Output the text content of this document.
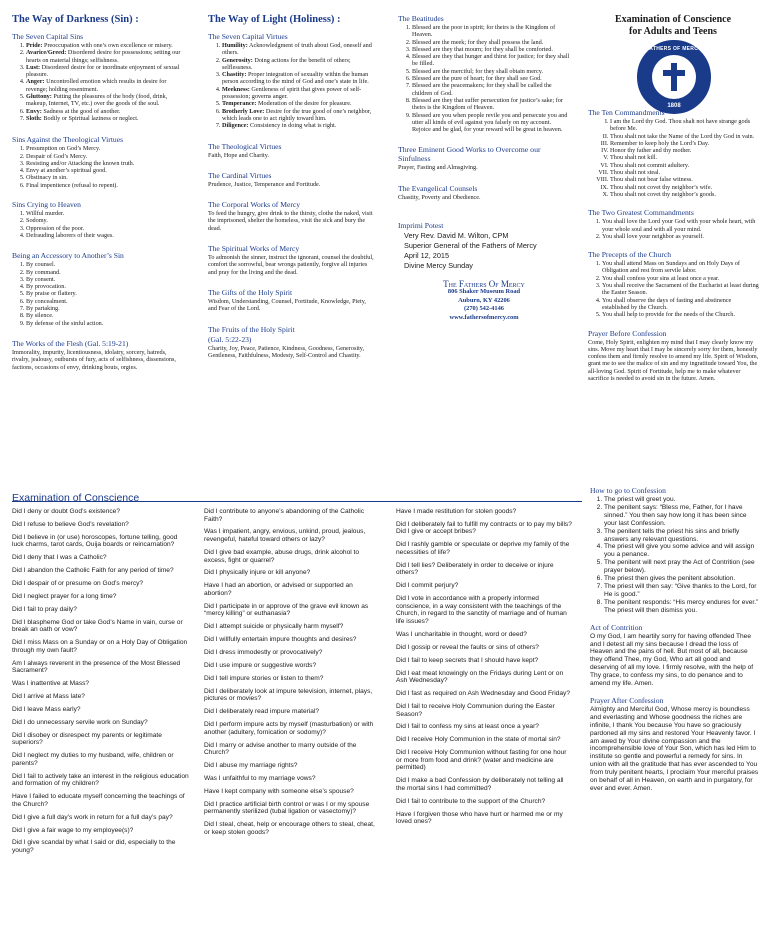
The Way of Darkness (Sin) :
The Seven Capital Sins
1. Pride: Preoccupation with one’s own excellence or misery.
2. Avarice/Greed: Disordered desire for possessions; setting our hearts on material things; selfishness.
3. Lust: Disordered desire for or inordinate enjoyment of sexual pleasure.
4. Anger: Uncontrolled emotion which results in desire for revenge; holding resentment.
5. Gluttony: Putting the pleasures of the body (food, drink, makeup, Internet, TV, etc.) over the goods of the soul.
6. Envy: Sadness at the good of another.
7. Sloth: Bodily or Spiritual laziness or neglect.
Sins Against the Theological Virtues
1. Presumption on God’s Mercy.
2. Despair of God’s Mercy.
3. Resisting and/or Attacking the known truth.
4. Envy at another’s spiritual good.
5. Obstinacy in sin.
6. Final impenitence (refusal to repent).
Sins Crying to Heaven
1. Willful murder.
2. Sodomy.
3. Oppression of the poor.
4. Defrauding laborers of their wages.
Being an Accessory to Another’s Sin
1. By counsel.
2. By command.
3. By consent.
4. By provocation.
5. By praise or flattery.
6. By concealment.
7. By partaking.
8. By silence.
9. By defense of the sinful action.
The Works of the Flesh (Gal. 5:19-21)

Immorality, impurity, licentiousness, idolatry, sorcery, hatreds, rivalry, jealousy, outbursts of fury, acts of selfishness, dissensions, factions, occasions of envy, drinking bouts, orgies.

The Way of Light (Holiness) :
The Seven Capital Virtues
1. Humility: Acknowledgment of truth about God, oneself and others.
2. Generosity: Doing actions for the benefit of others; selflessness.
3. Chastity: Proper integration of sexuality within the human person according to the mind of God and one’s state in life.
4. Meekness: Gentleness of spirit that gives power of self-possession; governs anger.
5. Temperance: Moderation of the desire for pleasure.
6. Brotherly Love: Desire for the true good of one’s neighbor, which leads one to act rightly toward him.
7. Diligence: Consistency in doing what is right.
The Theological Virtues

Faith, Hope and Charity.

The Cardinal Virtues

Prudence, Justice, Temperance and Fortitude.

The Corporal Works of Mercy

To feed the hungry, give drink to the thirsty, clothe the naked, visit the imprisoned, shelter the homeless, visit the sick and bury the dead.

The Spiritual Works of Mercy

To admonish the sinner, instruct the ignorant, counsel the doubtful, comfort the sorrowful, bear wrongs patiently, forgive all injuries and pray for the living and the dead.

The Gifts of the Holy Spirit

Wisdom, Understanding, Counsel, Fortitude, Knowledge, Piety, and Fear of the Lord.

The Fruits of the Holy Spirit
(Gal. 5:22-23)

Charity, Joy, Peace, Patience, Kindness, Goodness, Generosity, Gentleness, Faithfulness, Modesty, Self-Control and Chastity.

The Beatitudes
1. Blessed are the poor in spirit; for theirs is the Kingdom of Heaven.
2. Blessed are the meek; for they shall possess the land.
3. Blessed are they that mourn; for they shall be comforted.
4. Blessed are they that hunger and thirst for justice; for they shall be filled.
5. Blessed are the merciful; for they shall obtain mercy.
6. Blessed are the pure of heart; for they shall see God.
7. Blessed are the peacemakers; for they shall be called the children of God.
8. Blessed are they that suffer persecution for justice’s sake; for theirs is the Kingdom of Heaven.
9. Blessed are you when people revile you and persecute you and utter all kinds of evil against you falsely on my account. Rejoice and be glad, for your reward will be great in heaven.
Three Eminent Good Works to Overcome our Sinfulness

Prayer, Fasting and Almsgiving.

The Evangelical Counsels

Chastity, Poverty and Obedience.

Imprimi Potest
Very Rev. David M. Wilton, CPM
Superior General of the Fathers of Mercy
April 12, 2015
Divine Mercy Sunday
The Fathers Of Mercy
806 Shaker Museum Road
Auburn, KY 42206
(270) 542-4146
www.fathersofmercy.com
Examination of Conscience
for Adults and Teens
FATHERS OF MERCY
1808
The Ten Commandments
I. I am the Lord thy God. Thou shalt not have strange gods before Me.
II. Thou shalt not take the Name of the Lord thy God in vain.
III. Remember to keep holy the Lord’s Day.
IV. Honor thy father and thy mother.
V. Thou shalt not kill.
VI. Thou shalt not commit adultery.
VII. Thou shalt not steal.
VIII. Thou shalt not bear false witness.
IX. Thou shalt not covet thy neighbor’s wife.
X. Thou shalt not covet thy neighbor’s goods.
The Two Greatest Commandments
1. You shall love the Lord your God with your whole heart, with your whole soul and with all your mind.
2. You shall love your neighbor as yourself.
The Precepts of the Church
1. You shall attend Mass on Sundays and on Holy Days of Obligation and rest from servile labor.
2. You shall confess your sins at least once a year.
3. You shall receive the Sacrament of the Eucharist at least during the Easter Season.
4. You shall observe the days of fasting and abstinence established by the Church.
5. You shall help to provide for the needs of the Church.
Prayer Before Confession

Come, Holy Spirit, enlighten my mind that I may clearly know my sins. Move my heart that I may be sincerely sorry for them, honestly confess them and firmly resolve to amend my life. Spirit of Wisdom, grant me to see the malice of sin and my ingratitude toward You, the all-loving God. Spirit of Fortitude, help me to make whatever sacrifice is needed to avoid sin in the future. Amen.

Examination of Conscience
Did I deny or doubt God’s existence?
Did I refuse to believe God’s revelation?
Did I believe in (or use) horoscopes, fortune telling, good luck charms, tarot cards, Ouija boards or reincarnation?
Did I deny that I was a Catholic?
Did I abandon the Catholic Faith for any period of time?
Did I despair of or presume on God’s mercy?
Did I neglect prayer for a long time?
Did I fail to pray daily?
Did I blaspheme God or take God’s Name in vain, curse or break an oath or vow?
Did I miss Mass on a Sunday or on a Holy Day of Obligation through my own fault?
Am I always reverent in the presence of the Most Blessed Sacrament?
Was I inattentive at Mass?
Did I arrive at Mass late?
Did I leave Mass early?
Did I do unnecessary servile work on Sunday?
Did I disobey or disrespect my parents or legitimate superiors?
Did I neglect my duties to my husband, wife, children or parents?
Did I fail to actively take an interest in the religious education and formation of my children?
Have I failed to educate myself concerning the teachings of the Church?
Did I give a full day’s work in return for a full day’s pay?
Did I give a fair wage to my employee(s)?
Did I give scandal by what I said or did, especially to the young?
Did I contribute to anyone’s abandoning of the Catholic Faith?
Was I impatient, angry, envious, unkind, proud, jealous, revengeful, hateful toward others or lazy?
Did I give bad example, abuse drugs, drink alcohol to excess, fight or quarrel?
Did I physically injure or kill anyone?
Have I had an abortion, or advised or supported an abortion?
Did I participate in or approve of the grave evil known as “mercy killing” or euthanasia?
Did I attempt suicide or physically harm myself?
Did I willfully entertain impure thoughts and desires?
Did I dress immodestly or provocatively?
Did I use impure or suggestive words?
Did I tell impure stories or listen to them?
Did I deliberately look at impure television, internet, plays, pictures or movies?
Did I deliberately read impure material?
Did I perform impure acts by myself (masturbation) or with another (adultery, fornication or sodomy)?
Did I marry or advise another to marry outside of the Church?
Did I abuse my marriage rights?
Was I unfaithful to my marriage vows?
Have I kept company with someone else’s spouse?
Did I practice artificial birth control or was I or my spouse permanently sterilized (tubal ligation or vasectomy)?
Did I steal, cheat, help or encourage others to steal, cheat, or keep stolen goods?
Have I made restitution for stolen goods?
Did I deliberately fail to fulfill my contracts or to pay my bills? Did I give or accept bribes?
Did I rashly gamble or speculate or deprive my family of the necessities of life?
Did I tell lies? Deliberately in order to deceive or injure others?
Did I commit perjury?
Did I vote in accordance with a properly informed conscience, in a way consistent with the teachings of the Church, in regard to the sanctity of marriage and of human life issues?
Was I uncharitable in thought, word or deed?
Did I gossip or reveal the faults or sins of others?
Did I fail to keep secrets that I should have kept?
Did I eat meat knowingly on the Fridays during Lent or on Ash Wednesday?
Did I fast as required on Ash Wednesday and Good Friday?
Did I fail to receive Holy Communion during the Easter Season?
Did I fail to confess my sins at least once a year?
Did I receive Holy Communion in the state of mortal sin?
Did I receive Holy Communion without fasting for one hour or more from food and drink? (water and medicine are permitted)
Did I make a bad Confession by deliberately not telling all the mortal sins I had committed?
Did I fail to contribute to the support of the Church?
Have I forgiven those who have hurt or harmed me or my loved ones?
How to go to Confession
1. The priest will greet you.
2. The penitent says: “Bless me, Father, for I have sinned.” You then say how long it has been since your last Confession.
3. The penitent tells the priest his sins and briefly answers any relevant questions.
4. The priest will give you some advice and will assign you a penance.
5. The penitent will next pray the Act of Contrition (see prayer below).
6. The priest then gives the penitent absolution.
7. The priest will then say: “Give thanks to the Lord, for He is good.”
8. The penitent responds: “His mercy endures for ever.” The priest will then dismiss you.
Act of Contrition

O my God, I am heartily sorry for having offended Thee and I detest all my sins because I dread the loss of Heaven and the pains of hell. But most of all, because they offend Thee, my God, Who art all good and deserving of all my love. I firmly resolve, with the help of Thy grace, to confess my sins, to do penance and to amend my life. Amen.

Prayer After Confession

Almighty and Merciful God, Whose mercy is boundless and everlasting and Whose goodness the riches are infinite, I thank You because You have so graciously pardoned all my sins and restored Your Heavenly favor. I am awed by Your divine compassion and the incomprehensible love of Your Son, which has led Him to institute so gentle and powerful a remedy for sins. In union with all the gratitude that has ever ascended to You from truly penitent hearts, I proclaim Your merciful praises on behalf of all in Heaven, on earth and in purgatory, for ever and ever. Amen.
